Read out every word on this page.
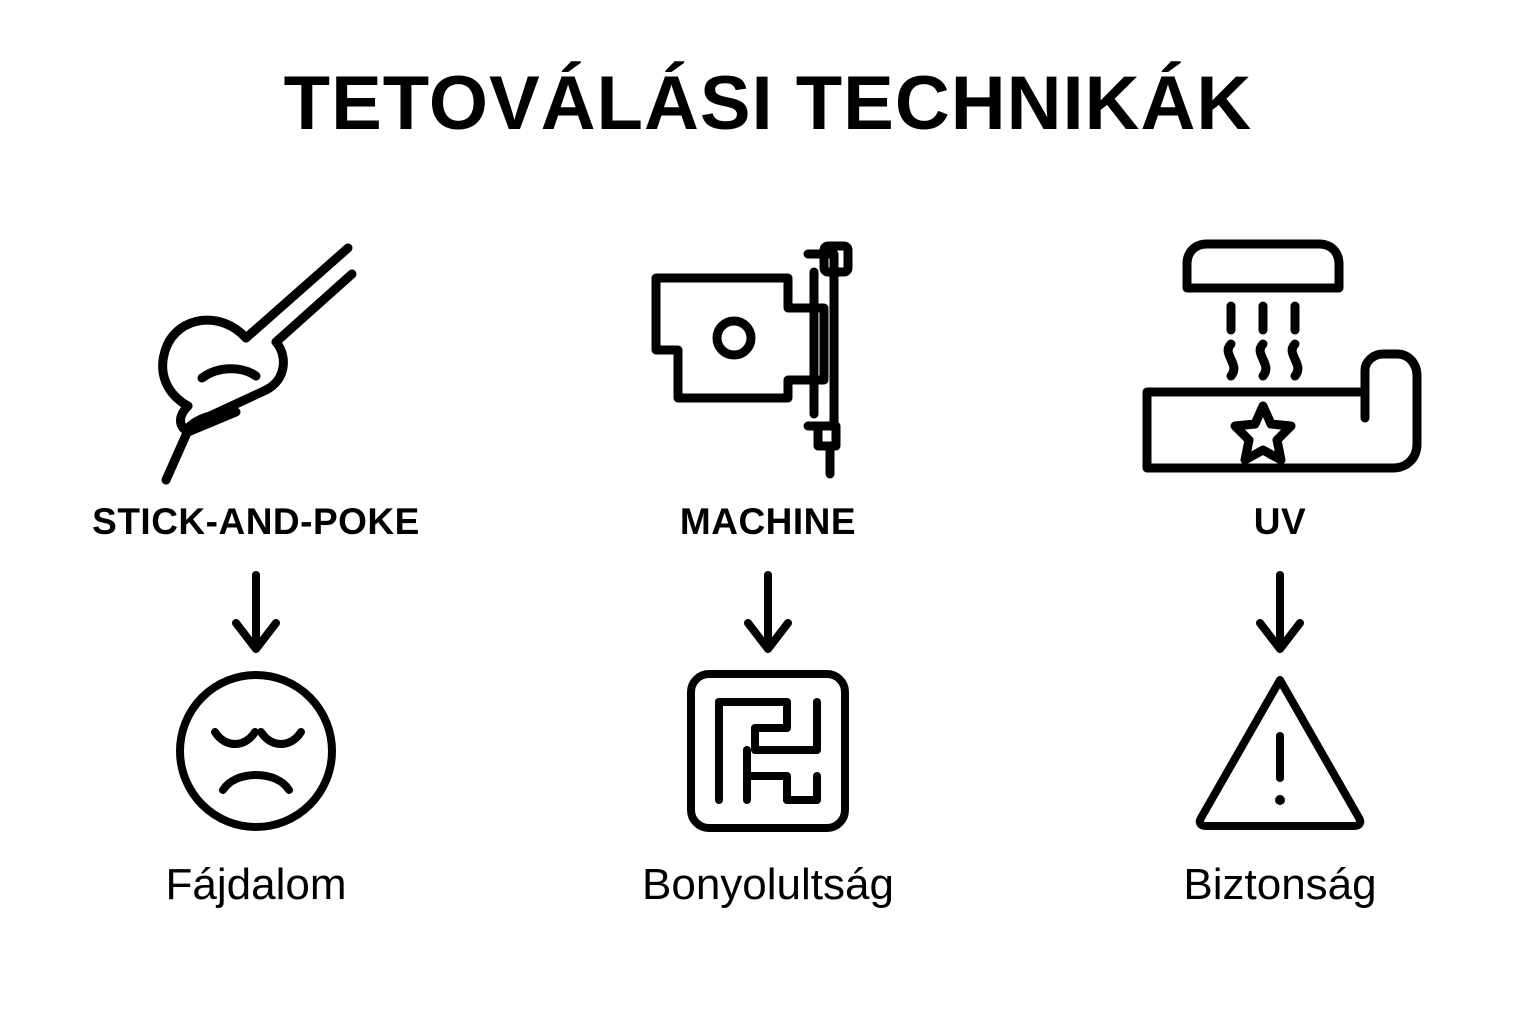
TETOVÁLÁSI TECHNIKÁK
STICK-AND-POKE
Fájdalom
MACHINE
Bonyolultság
UV
Biztonság
